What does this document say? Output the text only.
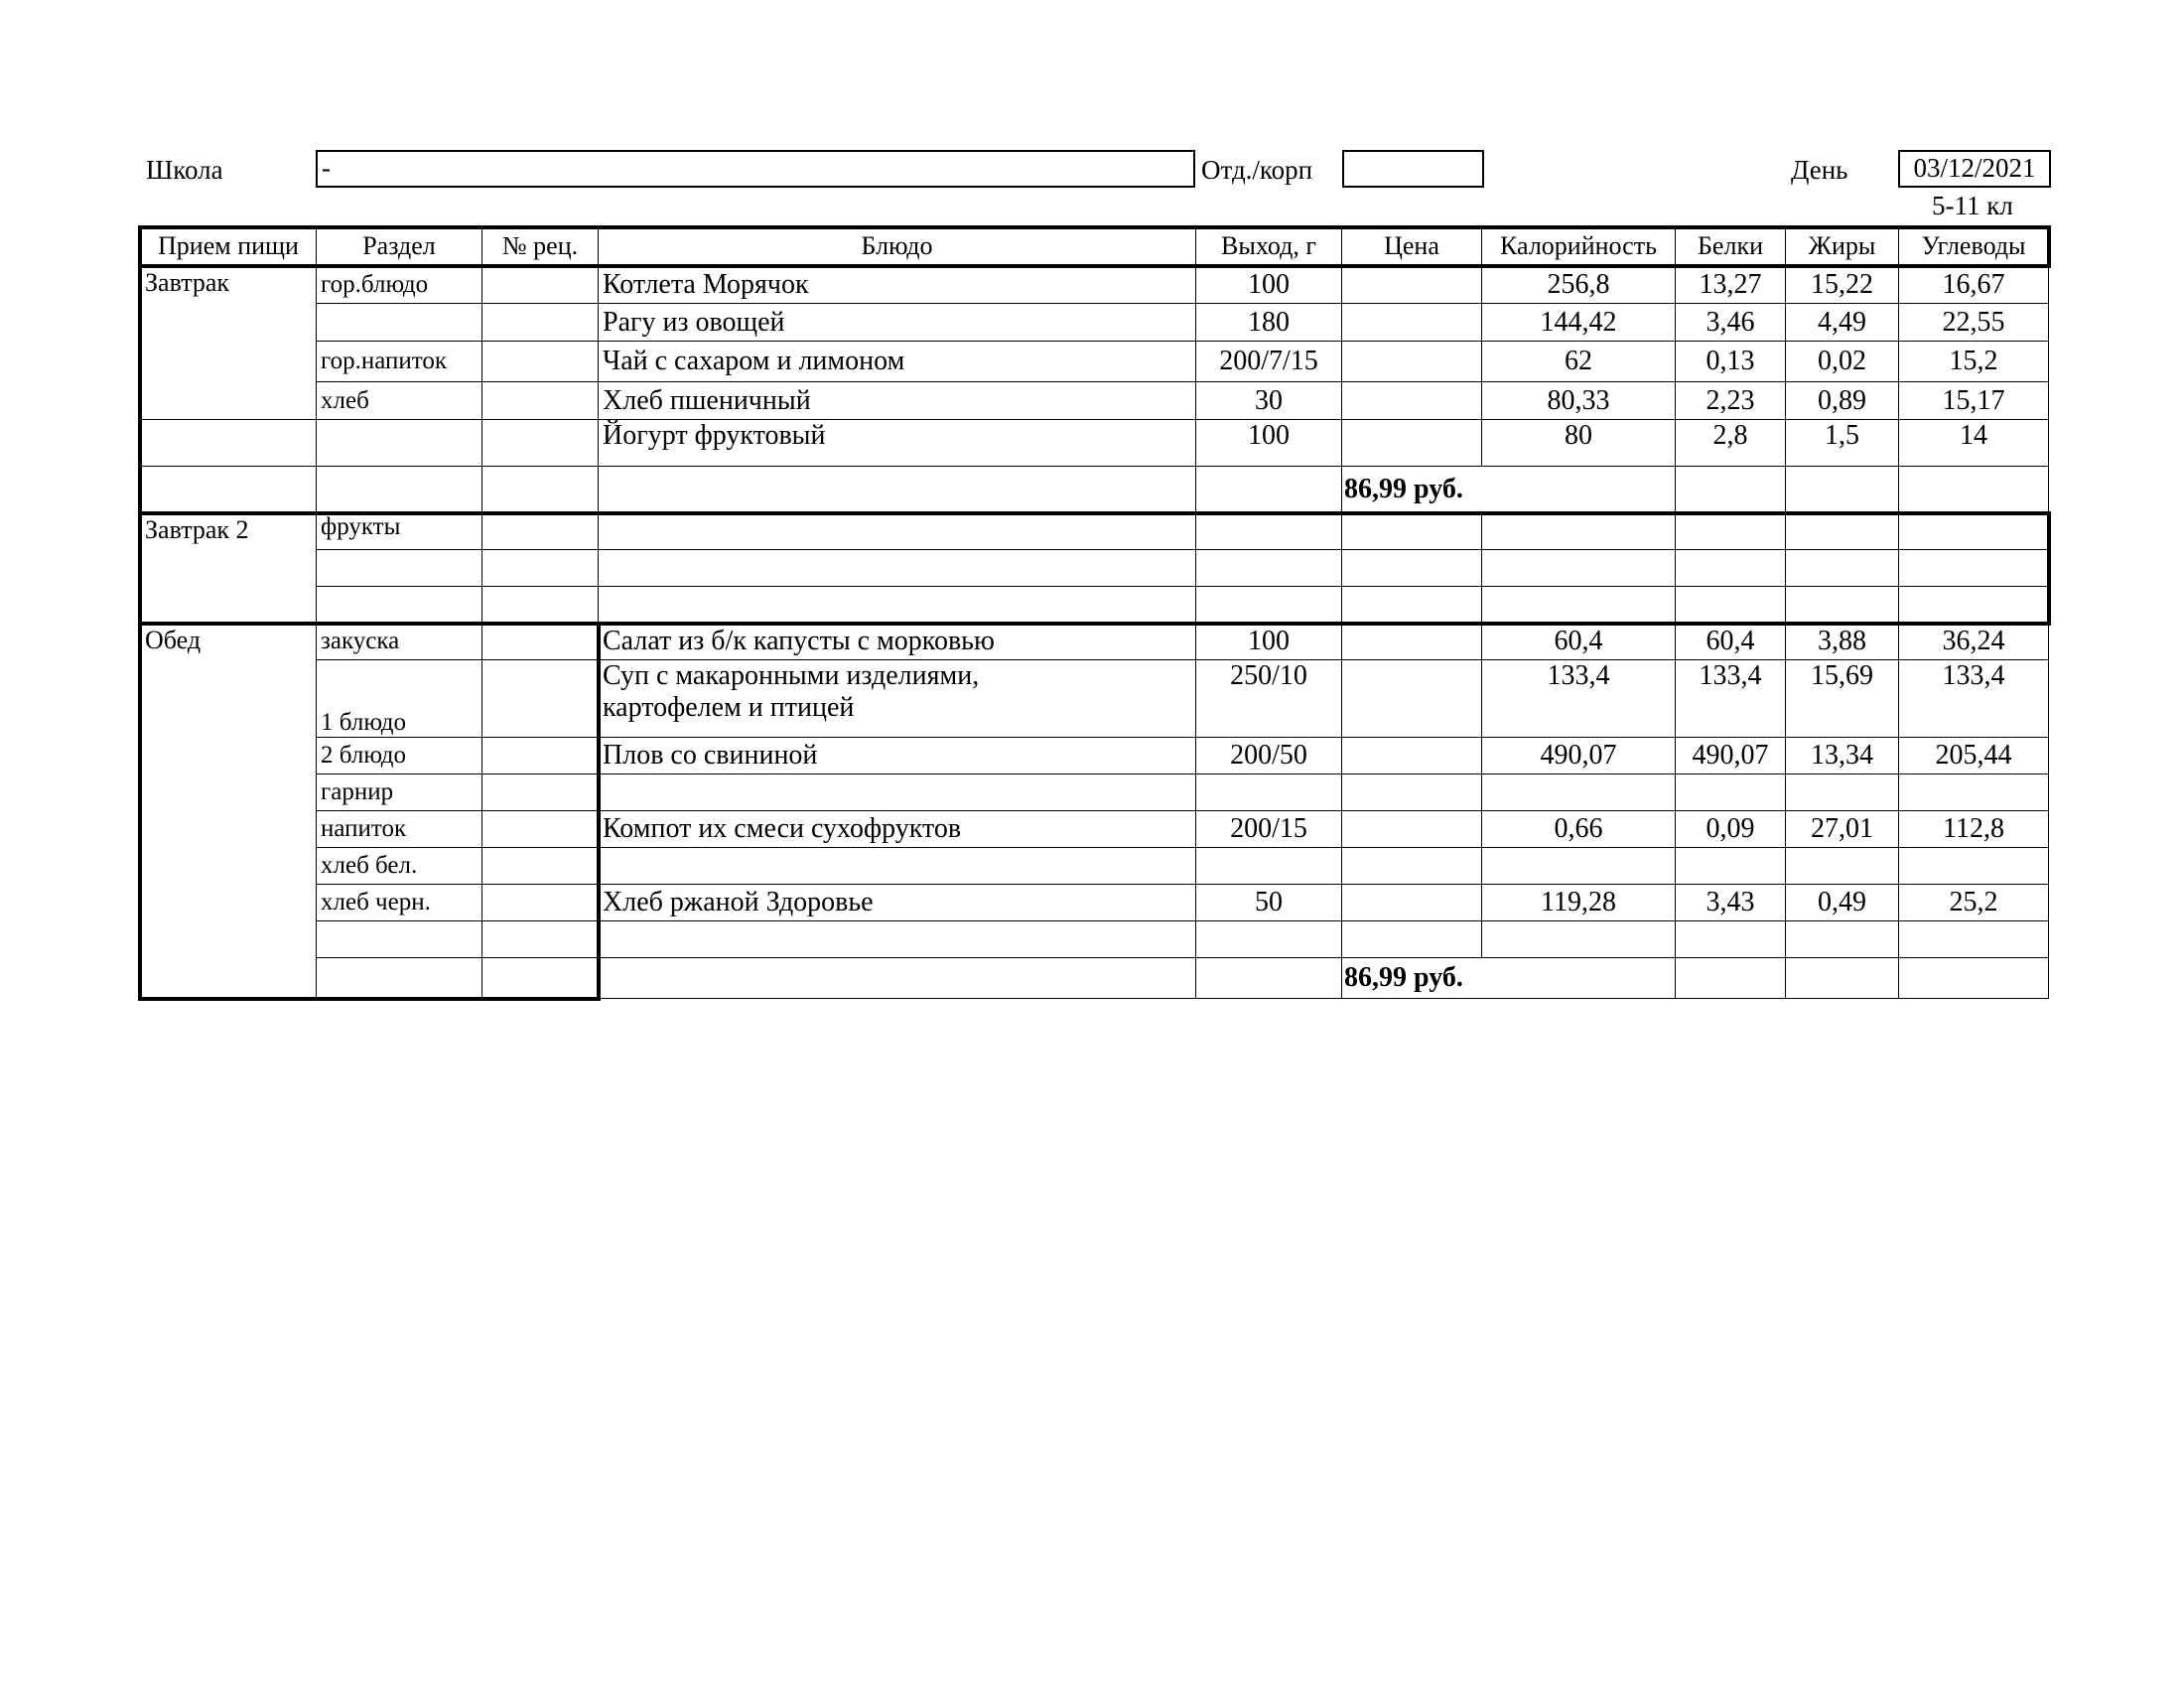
Школа	-	Отд./корп	День	03/12/2021
5-11 кл
Прием пищи	Раздел	№ рец.	Блюдо	Выход, г	Цена	Калорийность	Белки	Жиры	Углеводы
Завтрак	гор.блюдо		Котлета Морячок	100		256,8	13,27	15,22	16,67
			Рагу из овощей	180		144,42	3,46	4,49	22,55
	гор.напиток		Чай с сахаром и лимоном	200/7/15		62	0,13	0,02	15,2
	хлеб		Хлеб пшеничный	30		80,33	2,23	0,89	15,17
			Йогурт фруктовый	100		80	2,8	1,5	14
					86,99 руб.				
Завтрак 2	фрукты								

Обед	закуска		Салат из б/к капусты с морковью	100		60,4	60,4	3,88	36,24
	1 блюдо		Суп с макаронными изделиями,
картофелем и птицей	250/10		133,4	133,4	15,69	133,4
	2 блюдо		Плов со свининой	200/50		490,07	490,07	13,34	205,44
	гарнир								
	напиток		Компот их смеси сухофруктов	200/15		0,66	0,09	27,01	112,8
	хлеб бел.								
	хлеб черн.		Хлеб ржаной Здоровье	50		119,28	3,43	0,49	25,2

					86,99 руб.				
